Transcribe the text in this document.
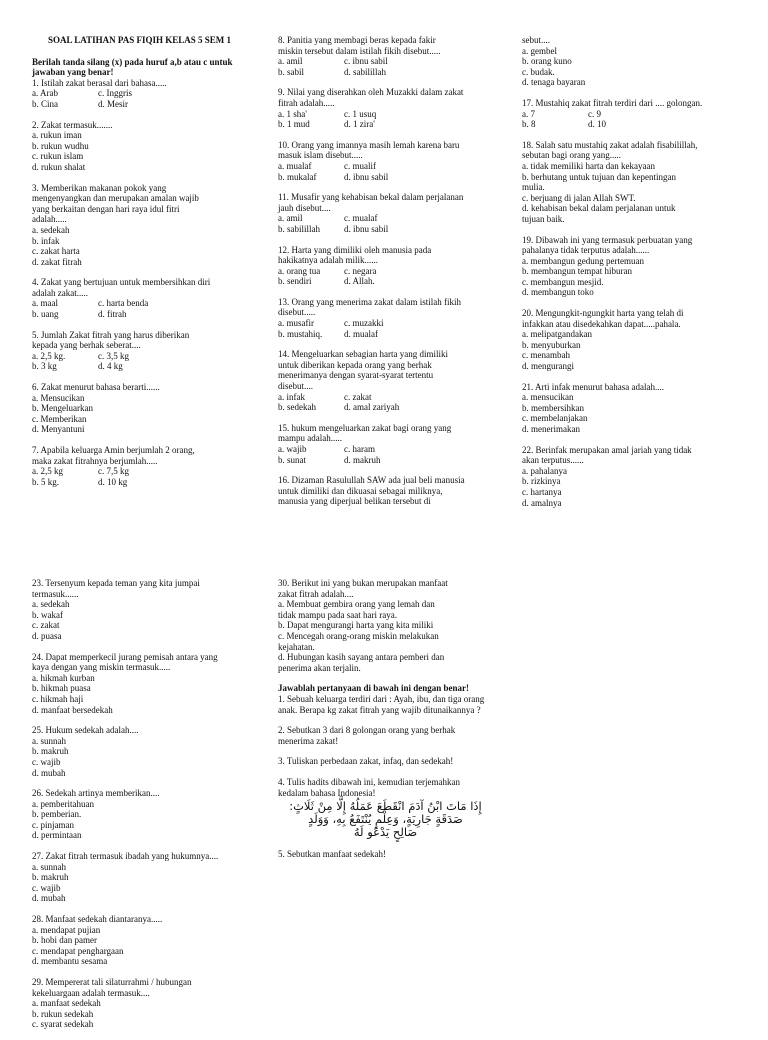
SOAL LATIHAN PAS FIQIH KELAS 5 SEM 1
Berilah tanda silang (x) pada huruf a,b atau c untuk
jawaban yang benar!
1. Istilah zakat berasal dari bahasa.....
a. Arab	c. Inggris
b. Cina	d. Mesir
2. Zakat termasuk.......
a. rukun iman
b. rukun wudhu
c. rukun islam
d. rukun shalat
3. Memberikan makanan pokok yang
mengenyangkan dan merupakan amalan wajib
yang berkaitan dengan hari raya idul fitri
adalah.....
a. sedekah
b. infak
c. zakat harta
d. zakat fitrah
4. Zakat yang bertujuan untuk membersihkan diri
adalah zakat.....
a. maal	c. harta benda
b. uang	d. fitrah
5. Jumlah Zakat fitrah yang harus diberikan
kepada yang berhak seberat....
a. 2,5 kg.	c. 3,5 kg
b. 3 kg	d. 4 kg
6. Zakat menurut bahasa berarti......
a. Mensucikan
b. Mengeluarkan
c. Memberikan
d. Menyantuni
7. Apabila keluarga Amin berjumlah 2 orang,
maka zakat fitrahnya berjumlah.....
a. 2,5 kg	c. 7,5 kg
b. 5 kg.	d. 10 kg
8. Panitia yang membagi beras kepada fakir
miskin tersebut dalam istilah fikih disebut.....
a. amil	c. ibnu sabil
b. sabil	d. sabilillah
9. Nilai yang diserahkan oleh Muzakki dalam zakat
fitrah adalah.....
a. 1 sha'	c. 1 usuq
b. 1 mud	d. 1 zira'
10. Orang yang imannya masih lemah karena baru
masuk islam disebut.....
a. mualaf	c. mualif
b. mukalaf	d. ibnu sabil
11. Musafir yang kehabisan bekal dalam perjalanan
jauh disebut....
a. amil	c. mualaf
b. sabilillah	d. ibnu sabil
12. Harta yang dimiliki oleh manusia pada
hakikatnya adalah milik......
a. orang tua	c. negara
b. sendiri	d. Allah.
13. Orang yang menerima zakat dalam istilah fikih
disebut.....
a. musafir	c. muzakki
b. mustahiq.	d. mualaf
14. Mengeluarkan sebagian harta yang dimiliki
untuk diberikan kepada orang yang berhak
menerimanya dengan syarat-syarat tertentu
disebut....
a. infak	c. zakat
b. sedekah	d. amal zariyah
15. hukum mengeluarkan zakat bagi orang yang
mampu adalah.....
a. wajib	c. haram
b. sunat	d. makruh
16. Dizaman Rasulullah SAW ada jual beli manusia
untuk dimiliki dan dikuasai sebagai miliknya,
manusia yang diperjual belikan tersebut di
sebut....
a. gembel
b. orang kuno
c. budak.
d. tenaga bayaran
17. Mustahiq zakat fitrah terdiri dari .... golongan.
a. 7	c. 9
b. 8	d. 10
18. Salah satu mustahiq zakat adalah fisabilillah,
sebutan bagi orang yang.....
a. tidak memiliki harta dan kekayaan
b. berhutang untuk tujuan dan kepentingan
mulia.
c. berjuang di jalan Allah SWT.
d. kehabisan bekal dalam perjalanan untuk
tujuan baik.
19. Dibawah ini yang termasuk perbuatan yang
pahalanya tidak terputus adalah......
a. membangun gedung pertemuan
b. membangun tempat hiburan
c. membangun mesjid.
d. membangun toko
20. Mengungkit-ngungkit harta yang telah di
infakkan atau disedekahkan dapat.....pahala.
a. melipatgandakan
b. menyuburkan
c. menambah
d. mengurangi
21. Arti infak menurut bahasa adalah....
a. mensucikan
b. membersihkan
c. membelanjakan
d. menerimakan
22. Berinfak merupakan amal jariah yang tidak
akan terputus......
a. pahalanya
b. rizkinya
c. hartanya
d. amalnya
23. Tersenyum kepada teman yang kita jumpai
termasuk......
a. sedekah
b. wakaf
c. zakat
d. puasa
24. Dapat memperkecil jurang pemisah antara yang
kaya dengan yang miskin termasuk.....
a. hikmah kurban
b. hikmah puasa
c. hikmah haji
d. manfaat bersedekah
25. Hukum sedekah adalah....
a. sunnah
b. makruh
c. wajib
d. mubah
26. Sedekah artinya memberikan....
a. pemberitahuan
b. pemberian.
c. pinjaman
d. permintaan
27. Zakat fitrah termasuk ibadah yang hukumnya....
a. sunnah
b. makruh
c. wajib
d. mubah
28. Manfaat sedekah diantaranya.....
a. mendapat pujian
b. hobi dan pamer
c. mendapat penghargaan
d. membantu sesama
29. Mempererat tali silaturrahmi / hubungan
kekeluargaan adalah termasuk....
a. manfaat sedekah
b. rukun sedekah
c. syarat sedekah
30. Berikut ini yang bukan merupakan manfaat
zakat fitrah adalah....
a. Membuat gembira orang yang lemah dan
tidak mampu pada saat hari raya.
b. Dapat mengurangi harta yang kita miliki
c. Mencegah orang-orang miskin melakukan
kejahatan.
d. Hubungan kasih sayang antara pemberi dan
penerima akan terjalin.
Jawablah pertanyaan di bawah ini dengan benar!
1. Sebuah keluarga terdiri dari : Ayah, ibu, dan tiga orang
anak. Berapa kg zakat fitrah yang wajib ditunaikannya ?
2. Sebutkan 3 dari 8 golongan orang yang berhak
menerima zakat!
3. Tuliskan perbedaan zakat, infaq, dan sedekah!
4. Tulis hadits dibawah ini, kemudian terjemahkan
kedalam bahasa Indonesia!
إِذَا مَاتَ ابْنُ آدَمَ انْقَطَعَ عَمَلُهُ إِلَّا مِنْ ثَلَاثٍ:
صَدَقَةٍ جَارِيَةٍ، وَعِلْمٍ يُنْتَفَعُ بِهِ، وَوَلَدٍ
صَالِحٍ يَدْعُو لَهُ
5. Sebutkan manfaat sedekah!
